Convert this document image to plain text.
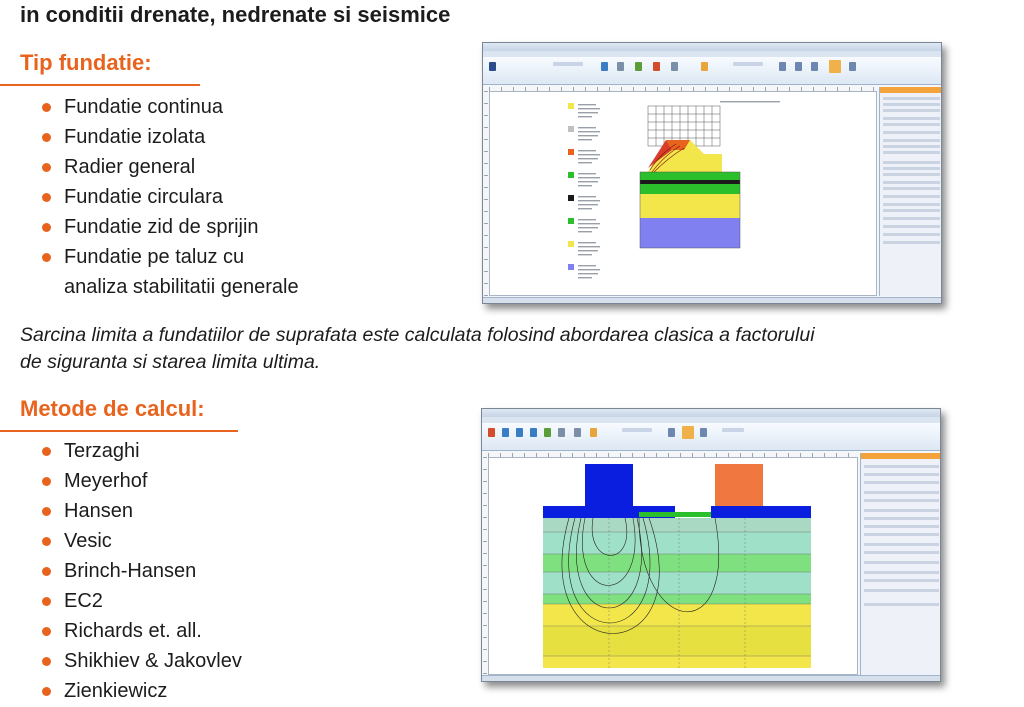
in conditii drenate, nedrenate si seismice
Tip fundatie:
Fundatie continua
Fundatie izolata
Radier general
Fundatie circulara
Fundatie zid de sprijin
Fundatie pe taluz cu
analiza stabilitatii generale
Sarcina limita a fundatiilor de suprafata este calculata folosind abordarea clasica a factorului
de siguranta si starea limita ultima.
Metode de calcul:
Terzaghi
Meyerhof
Hansen
Vesic
Brinch-Hansen
EC2
Richards et. all.
Shikhiev & Jakovlev
Zienkiewicz
